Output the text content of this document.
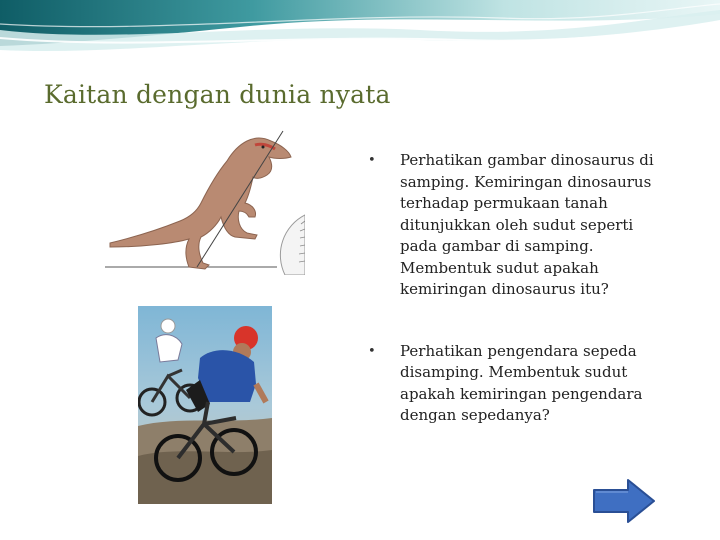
Kaitan dengan dunia nyata
• Perhatikan gambar dinosaurus di samping. Kemiringan dinosaurus terhadap permukaan tanah ditunjukkan oleh sudut seperti pada gambar di samping. Membentuk sudut apakah kemiringan dinosaurus itu?
• Perhatikan pengendara sepeda disamping. Membentuk sudut apakah kemiringan pengendara dengan sepedanya?
